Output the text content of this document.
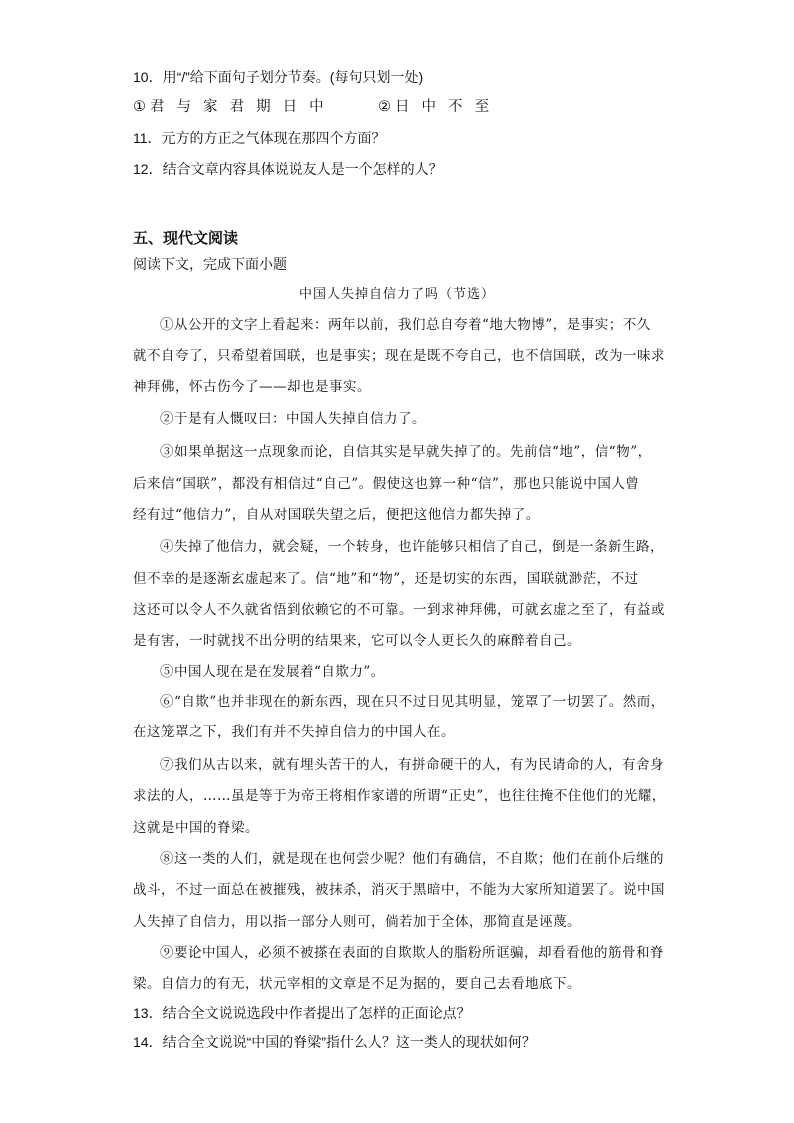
10．用“/”给下面句子划分节奏。(每句只划一处)
①君 与 家 君 期 日 中	②日 中 不 至
11．元方的方正之气体现在那四个方面？
12．结合文章内容具体说说友人是一个怎样的人？
五、现代文阅读
阅读下文，完成下面小题
中国人失掉自信力了吗（节选）
①从公开的文字上看起来：两年以前，我们总自夸着“地大物博”，是事实；不久
就不自夸了，只希望着国联，也是事实；现在是既不夸自己，也不信国联，改为一味求
神拜佛，怀古伤今了——却也是事实。
②于是有人慨叹曰：中国人失掉自信力了。
③如果单据这一点现象而论，自信其实是早就失掉了的。先前信“地”，信“物”，
后来信“国联”，都没有相信过“自己”。假使这也算一种“信”，那也只能说中国人曾
经有过“他信力”，自从对国联失望之后，便把这他信力都失掉了。
④失掉了他信力，就会疑，一个转身，也许能够只相信了自己，倒是一条新生路，
但不幸的是逐渐玄虚起来了。信“地”和“物”，还是切实的东西，国联就渺茫，不过
这还可以令人不久就省悟到依赖它的不可靠。一到求神拜佛，可就玄虚之至了，有益或
是有害，一时就找不出分明的结果来，它可以令人更长久的麻醉着自己。
⑤中国人现在是在发展着“自欺力”。
⑥“自欺”也并非现在的新东西，现在只不过日见其明显，笼罩了一切罢了。然而，
在这笼罩之下，我们有并不失掉自信力的中国人在。
⑦我们从古以来，就有埋头苦干的人，有拼命硬干的人，有为民请命的人，有舍身
求法的人，……虽是等于为帝王将相作家谱的所谓“正史”，也往往掩不住他们的光耀，
这就是中国的脊梁。
⑧这一类的人们，就是现在也何尝少呢？他们有确信，不自欺；他们在前仆后继的
战斗，不过一面总在被摧残，被抹杀，消灭于黑暗中，不能为大家所知道罢了。说中国
人失掉了自信力，用以指一部分人则可，倘若加于全体，那简直是诬蔑。
⑨要论中国人，必须不被搽在表面的自欺欺人的脂粉所诓骗，却看看他的筋骨和脊
梁。自信力的有无，状元宰相的文章是不足为据的，要自己去看地底下。
13．结合全文说说选段中作者提出了怎样的正面论点？
14．结合全文说说“中国的脊梁”指什么人？这一类人的现状如何？
